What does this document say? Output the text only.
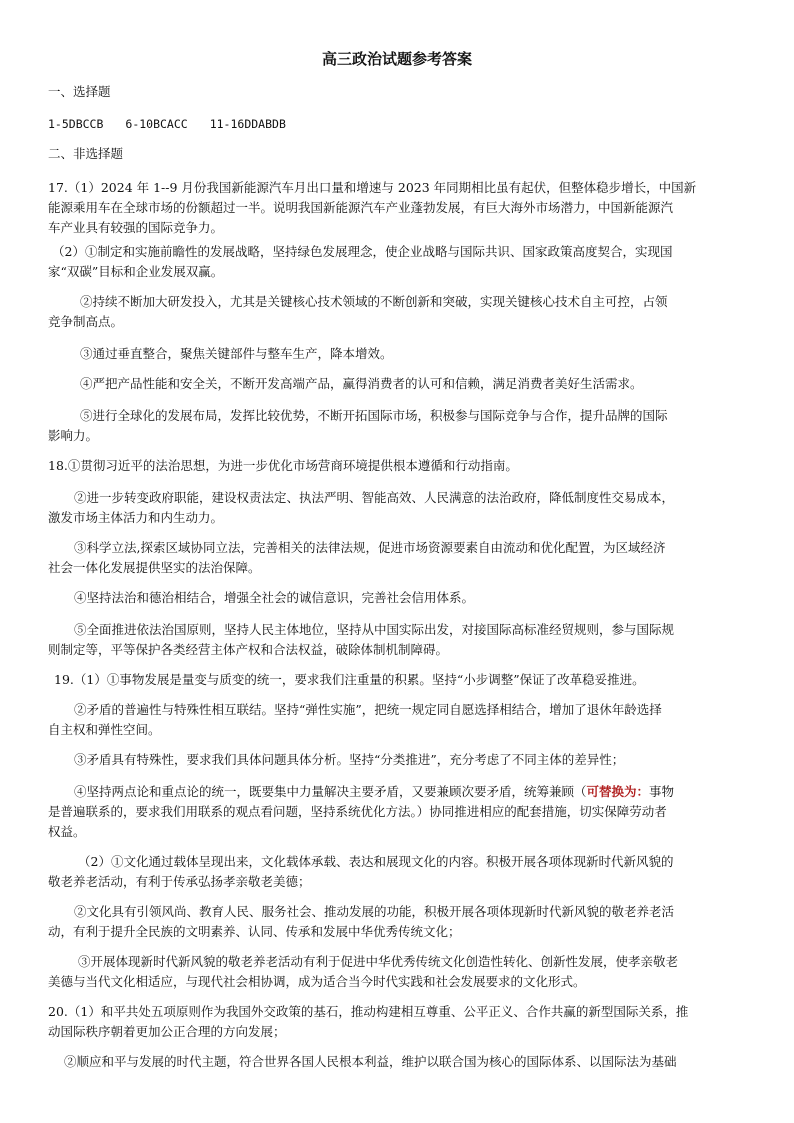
高三政治试题参考答案
一、选择题
1-5DBCCB 6-10BCACC 11-16DDABDB
二、非选择题
17.（1）2024 年 1--9 月份我国新能源汽车月出口量和增速与 2023 年同期相比虽有起伏，但整体稳步增长，中国新
能源乘用车在全球市场的份额超过一半。说明我国新能源汽车产业蓬勃发展，有巨大海外市场潜力，中国新能源汽
车产业具有较强的国际竞争力。
（2）①制定和实施前瞻性的发展战略，坚持绿色发展理念，使企业战略与国际共识、国家政策高度契合，实现国
家“双碳”目标和企业发展双赢。
②持续不断加大研发投入，尤其是关键核心技术领域的不断创新和突破，实现关键核心技术自主可控，占领
竞争制高点。
③通过垂直整合，聚焦关键部件与整车生产，降本增效。
④严把产品性能和安全关，不断开发高端产品，赢得消费者的认可和信赖，满足消费者美好生活需求。
⑤进行全球化的发展布局，发挥比较优势，不断开拓国际市场，积极参与国际竞争与合作，提升品牌的国际
影响力。
18.①贯彻习近平的法治思想，为进一步优化市场营商环境提供根本遵循和行动指南。
②进一步转变政府职能，建设权责法定、执法严明、智能高效、人民满意的法治政府，降低制度性交易成本，
激发市场主体活力和内生动力。
③科学立法,探索区域协同立法，完善相关的法律法规，促进市场资源要素自由流动和优化配置，为区域经济
社会一体化发展提供坚实的法治保障。
④坚持法治和德治相结合，增强全社会的诚信意识，完善社会信用体系。
⑤全面推进依法治国原则，坚持人民主体地位，坚持从中国实际出发，对接国际高标准经贸规则，参与国际规
则制定等，平等保护各类经营主体产权和合法权益，破除体制机制障碍。
19.（1）①事物发展是量变与质变的统一，要求我们注重量的积累。坚持“小步调整”保证了改革稳妥推进。
②矛盾的普遍性与特殊性相互联结。坚持“弹性实施”，把统一规定同自愿选择相结合，增加了退休年龄选择
自主权和弹性空间。
③矛盾具有特殊性，要求我们具体问题具体分析。坚持“分类推进”，充分考虑了不同主体的差异性；
④坚持两点论和重点论的统一，既要集中力量解决主要矛盾，又要兼顾次要矛盾，统筹兼顾（可替换为：事物
是普遍联系的，要求我们用联系的观点看问题，坚持系统优化方法。）协同推进相应的配套措施，切实保障劳动者
权益。
（2）①文化通过载体呈现出来，文化载体承载、表达和展现文化的内容。积极开展各项体现新时代新风貌的
敬老养老活动，有利于传承弘扬孝亲敬老美德；
②文化具有引领风尚、教育人民、服务社会、推动发展的功能，积极开展各项体现新时代新风貌的敬老养老活
动，有利于提升全民族的文明素养、认同、传承和发展中华优秀传统文化；
③开展体现新时代新风貌的敬老养老活动有利于促进中华优秀传统文化创造性转化、创新性发展，使孝亲敬老
美德与当代文化相适应，与现代社会相协调，成为适合当今时代实践和社会发展要求的文化形式。
20.（1）和平共处五项原则作为我国外交政策的基石，推动构建相互尊重、公平正义、合作共赢的新型国际关系，推
动国际秩序朝着更加公正合理的方向发展；
②顺应和平与发展的时代主题，符合世界各国人民根本利益，维护以联合国为核心的国际体系、以国际法为基础
